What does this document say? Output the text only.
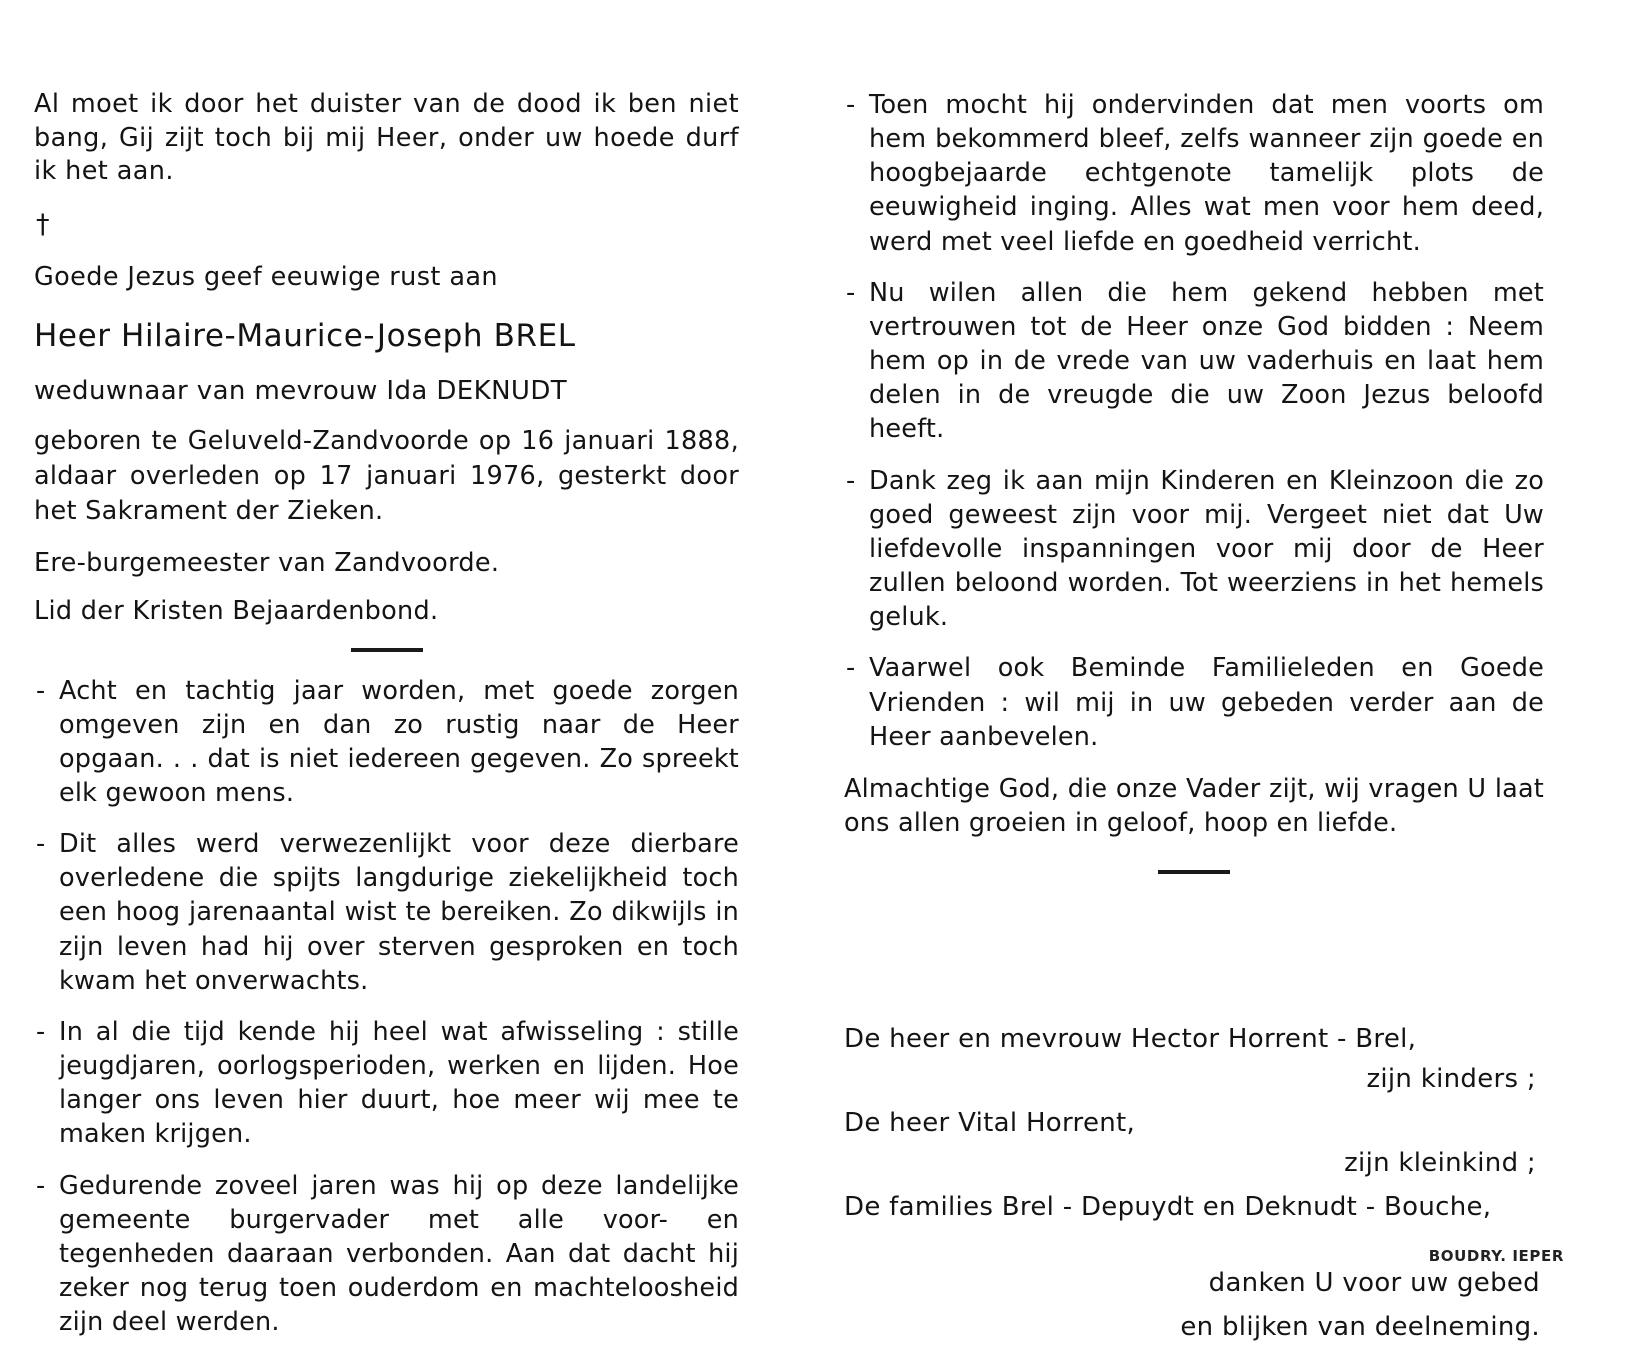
Al moet ik door het duister van de dood ik ben niet bang, Gij zijt toch bij mij Heer, onder uw hoede durf ik het aan.
†
Goede Jezus geef eeuwige rust aan
Heer Hilaire-Maurice-Joseph BREL
weduwnaar van mevrouw Ida DEKNUDT
geboren te Geluveld-Zandvoorde op 16 januari 1888, aldaar overleden op 17 januari 1976, gesterkt door het Sakrament der Zieken.
Ere-burgemeester van Zandvoorde.
Lid der Kristen Bejaardenbond.
- Acht en tachtig jaar worden, met goede zorgen omgeven zijn en dan zo rustig naar de Heer opgaan. . . dat is niet iedereen gegeven. Zo spreekt elk gewoon mens.
- Dit alles werd verwezenlijkt voor deze dierbare overledene die spijts langdurige ziekelijkheid toch een hoog jarenaantal wist te bereiken. Zo dikwijls in zijn leven had hij over sterven gesproken en toch kwam het onverwachts.
- In al die tijd kende hij heel wat afwisseling : stille jeugdjaren, oorlogsperioden, werken en lijden. Hoe langer ons leven hier duurt, hoe meer wij mee te maken krijgen.
- Gedurende zoveel jaren was hij op deze landelijke gemeente burgervader met alle voor- en tegenheden daaraan verbonden. Aan dat dacht hij zeker nog terug toen ouderdom en machteloosheid zijn deel werden.
- Toen mocht hij ondervinden dat men voorts om hem bekommerd bleef, zelfs wanneer zijn goede en hoogbejaarde echtgenote tamelijk plots de eeuwigheid inging. Alles wat men voor hem deed, werd met veel liefde en goedheid verricht.
- Nu wilen allen die hem gekend hebben met vertrouwen tot de Heer onze God bidden : Neem hem op in de vrede van uw vaderhuis en laat hem delen in de vreugde die uw Zoon Jezus beloofd heeft.
- Dank zeg ik aan mijn Kinderen en Kleinzoon die zo goed geweest zijn voor mij. Vergeet niet dat Uw liefdevolle inspanningen voor mij door de Heer zullen beloond worden. Tot weerziens in het hemels geluk.
- Vaarwel ook Beminde Familieleden en Goede Vrienden : wil mij in uw gebeden verder aan de Heer aanbevelen.
Almachtige God, die onze Vader zijt, wij vragen U laat ons allen groeien in geloof, hoop en liefde.
De heer en mevrouw Hector Horrent - Brel,
zijn kinders ;
De heer Vital Horrent,
zijn kleinkind ;
De families Brel - Depuydt en Deknudt - Bouche,
danken U voor uw gebed
en blijken van deelneming.
BOUDRY. IEPER
